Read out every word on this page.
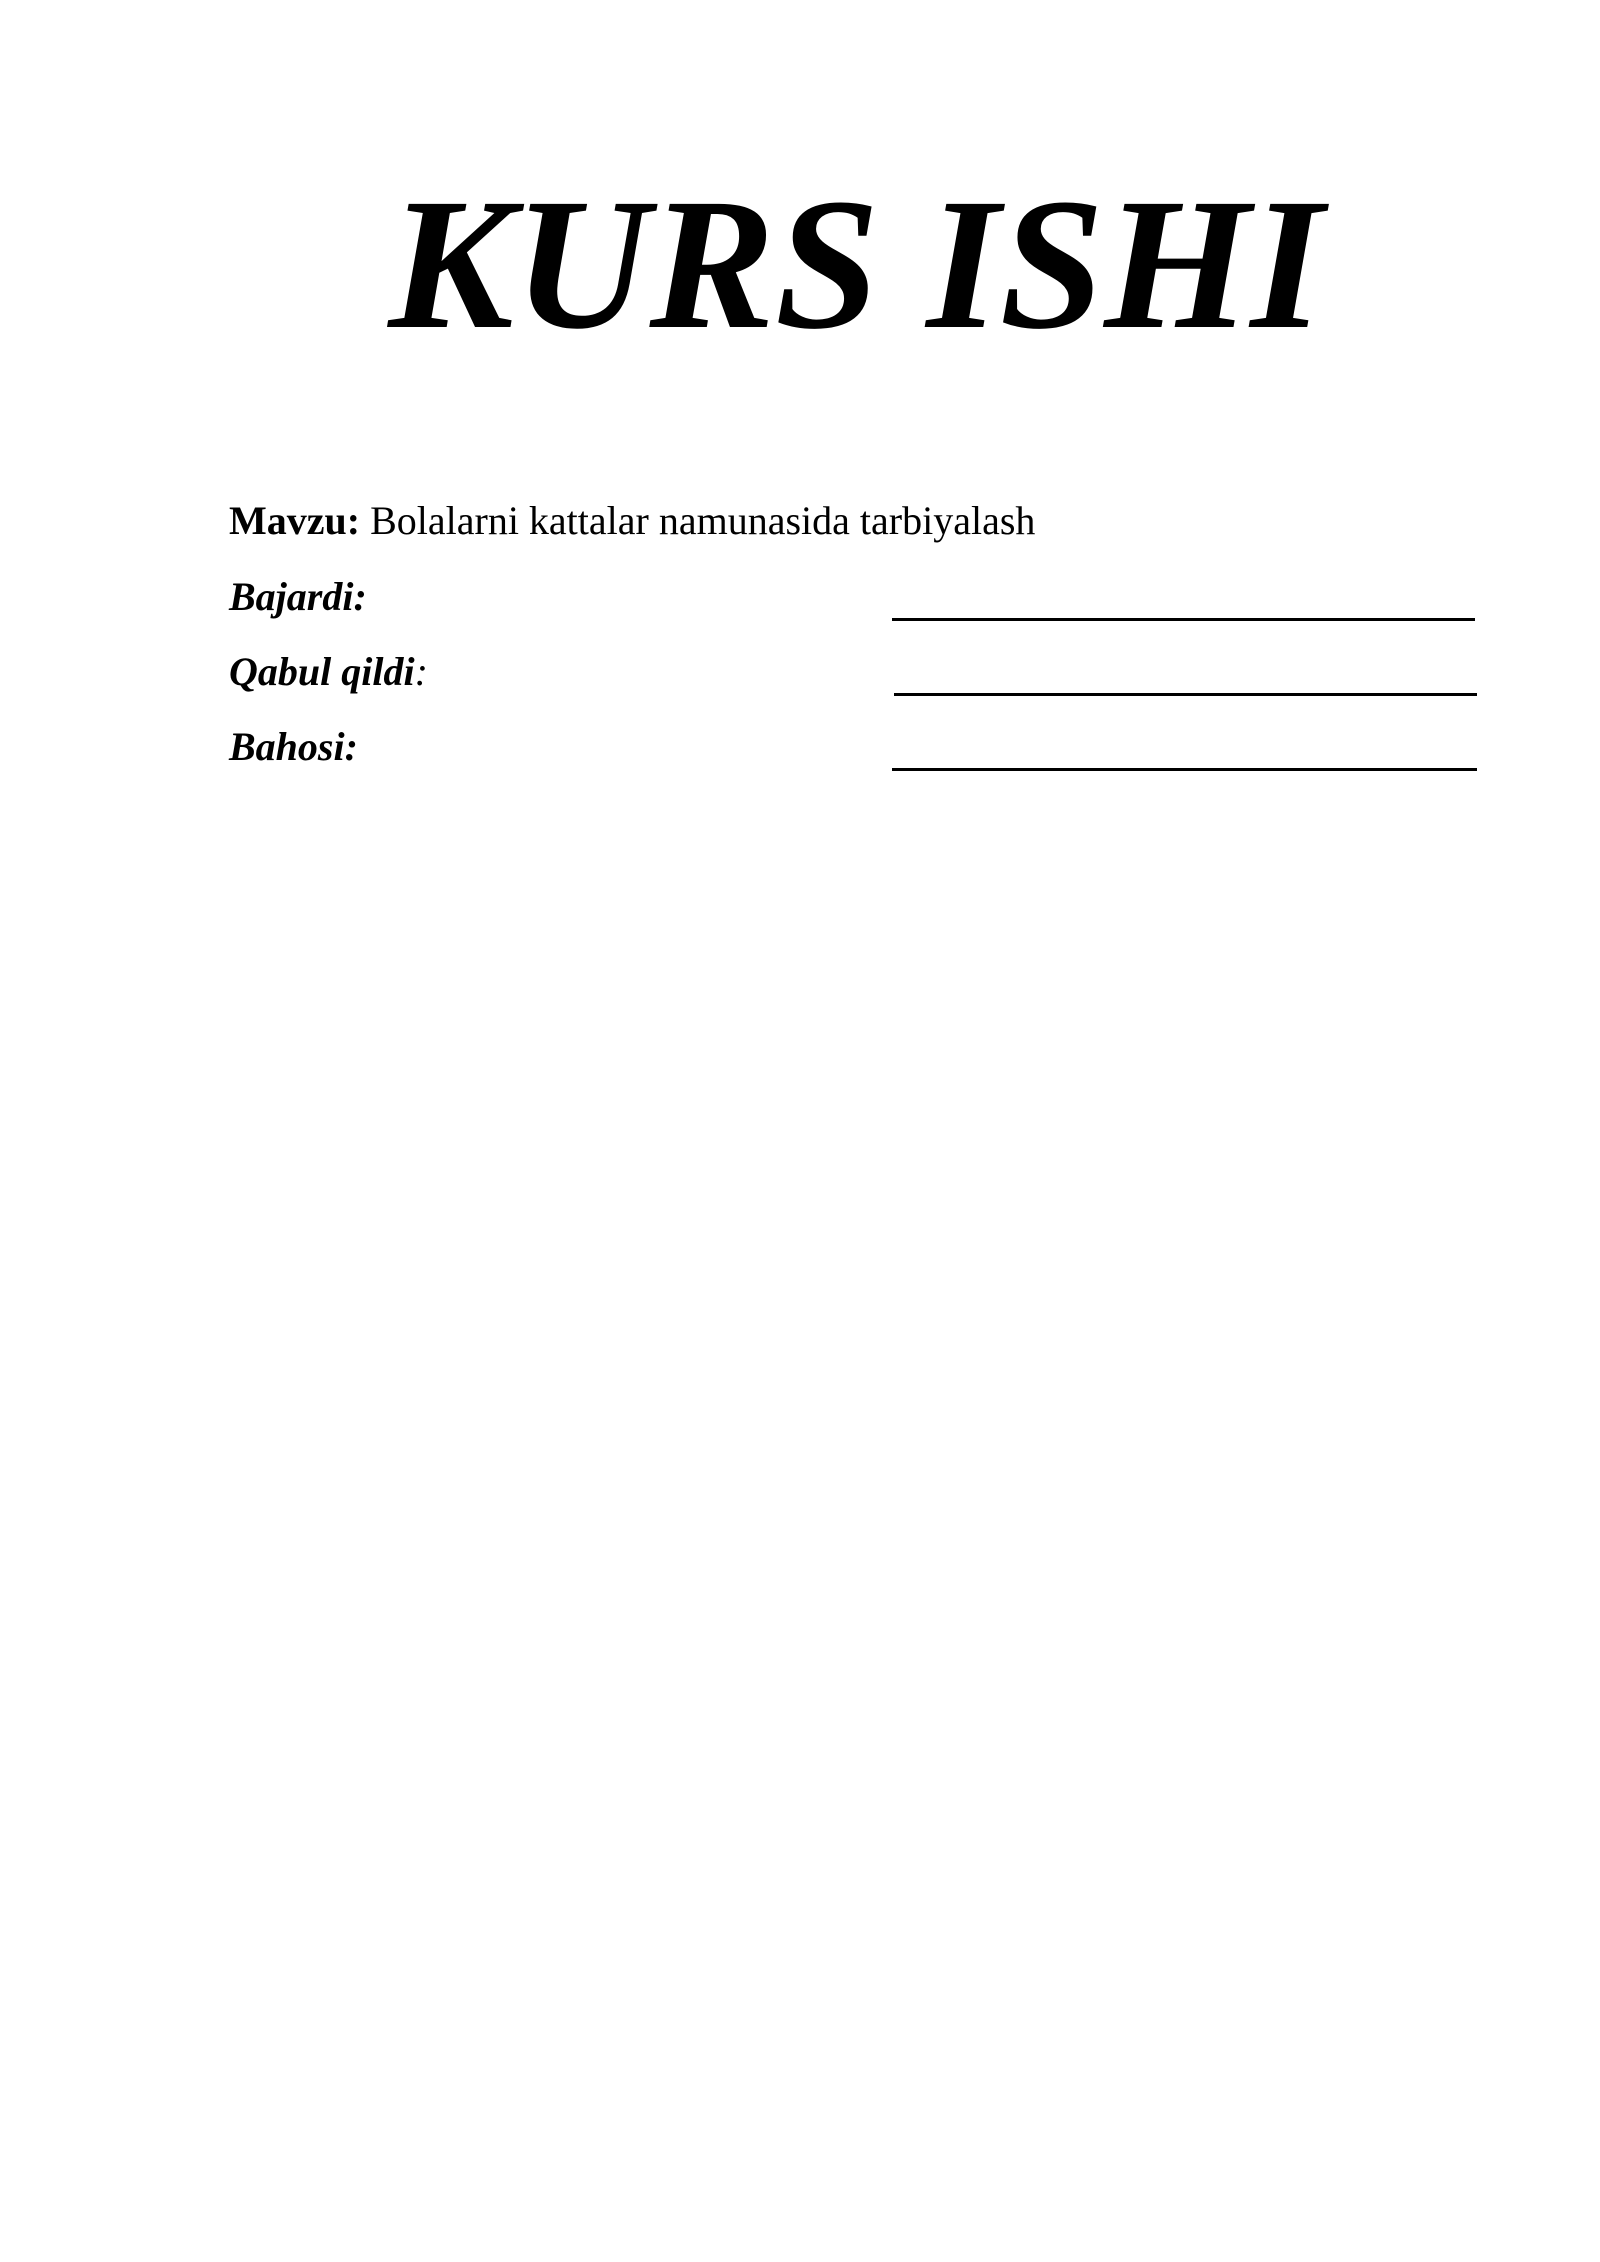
KURS ISHI
Mavzu: Bolalarni kattalar namunasida tarbiyalash
Bajardi:
Qabul qildi:
Bahosi:
